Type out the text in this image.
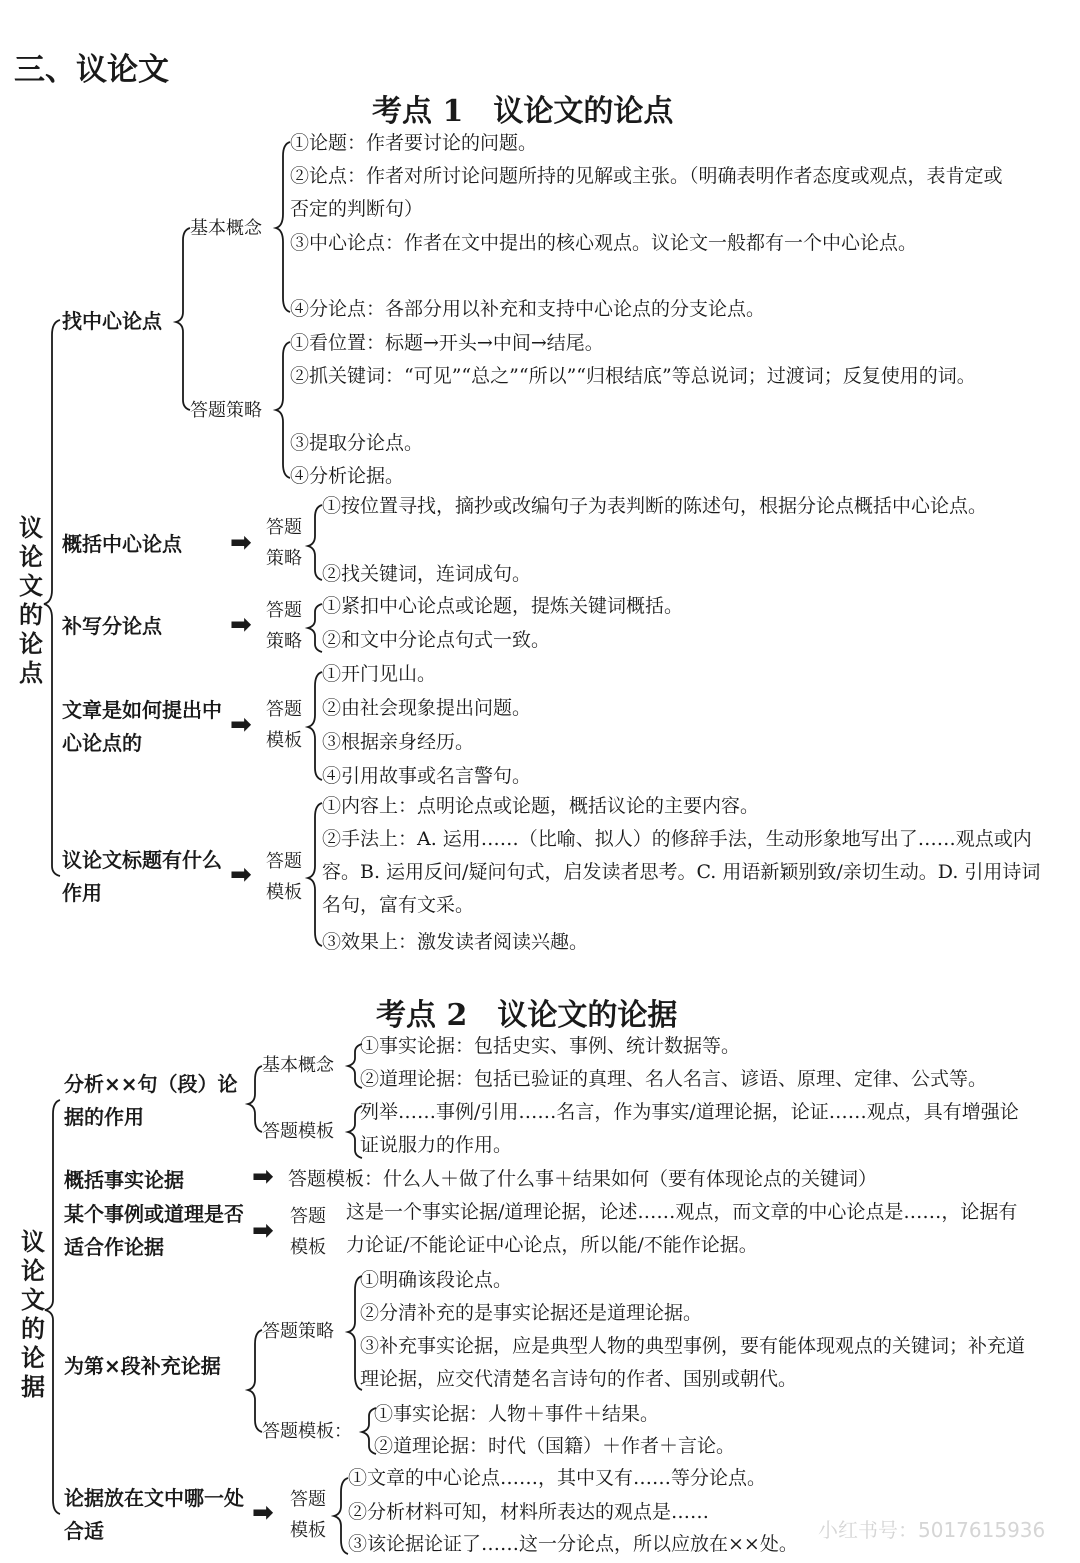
三、议论文
考点 1　议论文的论点
议论文的论点
找中心论点
基本概念
①论题：作者要讨论的问题。
②论点：作者对所讨论问题所持的见解或主张。（明确表明作者态度或观点，表肯定或否定的判断句）
③中心论点：作者在文中提出的核心观点。议论文一般都有一个中心论点。
④分论点：各部分用以补充和支持中心论点的分支论点。
答题策略
①看位置：标题→开头→中间→结尾。
②抓关键词：“可见”“总之”“所以”“归根结底”等总说词；过渡词；反复使用的词。
③提取分论点。
④分析论据。
概括中心论点 ➡
答题策略
①按位置寻找，摘抄或改编句子为表判断的陈述句，根据分论点概括中心论点。
②找关键词，连词成句。
补写分论点	➡ 答题策略
①紧扣中心论点或论题，提炼关键词概括。
②和文中分论点句式一致。
文章是如何提出中心论点的
➡
答题模板
①开门见山。
②由社会现象提出问题。
③根据亲身经历。
④引用故事或名言警句。
议论文标题有什么作用
➡ 答题模板
①内容上：点明论点或论题，概括议论的主要内容。
②手法上：A. 运用……（比喻、拟人）的修辞手法，生动形象地写出了……观点或内容。B. 运用反问/疑问句式，启发读者思考。C. 用语新颖别致/亲切生动。D. 引用诗词名句，富有文采。
③效果上：激发读者阅读兴趣。
考点 2　议论文的论据
议论文的论据
分析××句（段）论据的作用
基本概念
①事实论据：包括史实、事例、统计数据等。
②道理论据：包括已验证的真理、名人名言、谚语、原理、定律、公式等。
答题模板
列举……事例/引用……名言，作为事实/道理论据，论证……观点，具有增强论证说服力的作用。
概括事实论据	➡ 答题模板：什么人＋做了什么事＋结果如何（要有体现论点的关键词）
某个事例或道理是否适合作论据
➡ 答题模板
这是一个事实论据/道理论据，论述……观点，而文章的中心论点是……，论据有力论证/不能论证中心论点，所以能/不能作论据。
为第×段补充论据
答题策略
①明确该段论点。
②分清补充的是事实论据还是道理论据。
③补充事实论据，应是典型人物的典型事例，要有能体现观点的关键词；补充道理论据，应交代清楚名言诗句的作者、国别或朝代。
答题模板：
①事实论据：人物＋事件＋结果。
②道理论据：时代（国籍）＋作者＋言论。
论据放在文中哪一处合适
➡ 答题模板
①文章的中心论点……，其中又有……等分论点。
②分析材料可知，材料所表达的观点是……
③该论据论证了……这一分论点，所以应放在××处。
小红书号：5017615936
